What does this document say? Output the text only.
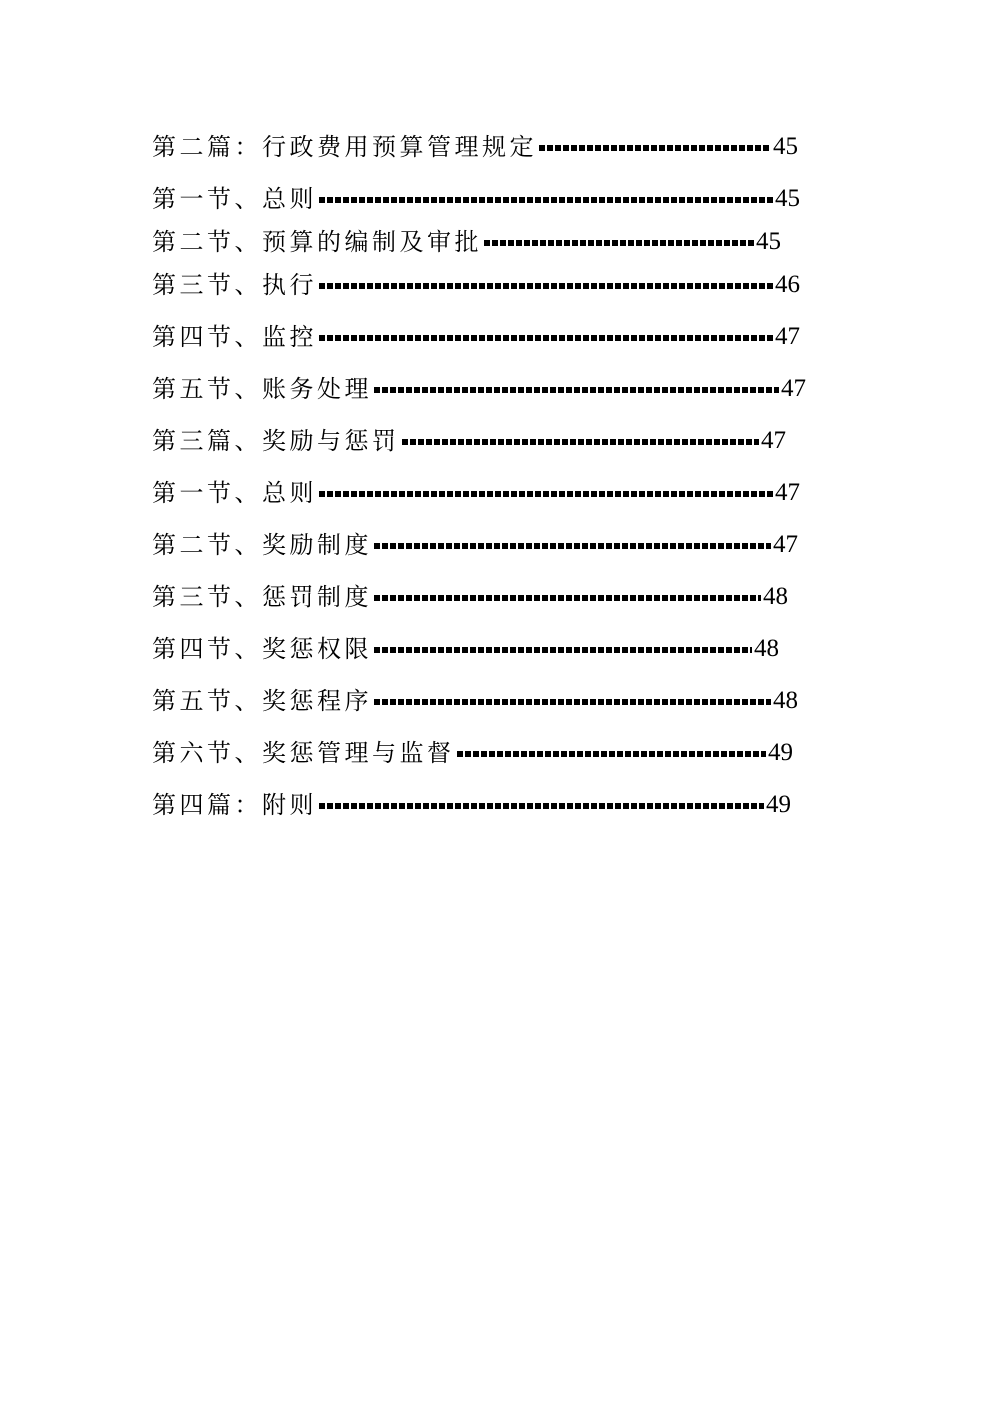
第二篇：行政费用预算管理规定	45
第一节、总则	45
第二节、预算的编制及审批	45
第三节、执行	46
第四节、监控	47
第五节、账务处理	47
第三篇、奖励与惩罚	47
第一节、总则	47
第二节、奖励制度	47
第三节、惩罚制度	48
第四节、奖惩权限	48
第五节、奖惩程序	48
第六节、奖惩管理与监督	49
第四篇：附则	49
